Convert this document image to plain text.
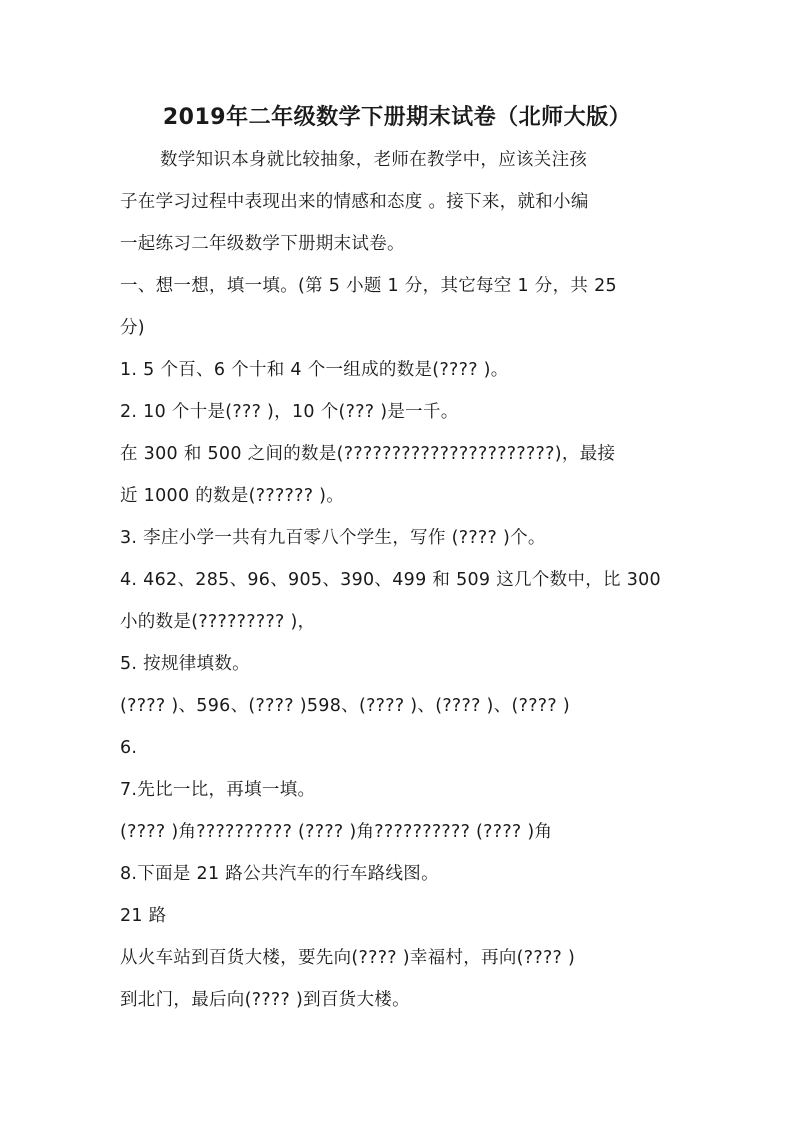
2019年二年级数学下册期末试卷（北师大版）
数学知识本身就比较抽象，老师在教学中，应该关注孩
子在学习过程中表现出来的情感和态度 。接下来，就和小编
一起练习二年级数学下册期末试卷。
一、想一想，填一填。(第 5 小题 1 分，其它每空 1 分，共 25
分)
1. 5 个百、6 个十和 4 个一组成的数是(???? )。
2. 10 个十是(??? )，10 个(??? )是一千。
在 300 和 500 之间的数是(??????????????????????)，最接
近 1000 的数是(?????? )。
3. 李庄小学一共有九百零八个学生，写作 (???? )个。
4. 462、285、96、905、390、499 和 509 这几个数中，比 300
小的数是(????????? )，
5. 按规律填数。
(???? )、596、(???? )598、(???? )、(???? )、(???? )
6.
7.先比一比，再填一填。
(???? )角?????????? (???? )角?????????? (???? )角
8.下面是 21 路公共汽车的行车路线图。
21 路
从火车站到百货大楼，要先向(???? )幸福村，再向(???? )
到北门，最后向(???? )到百货大楼。
